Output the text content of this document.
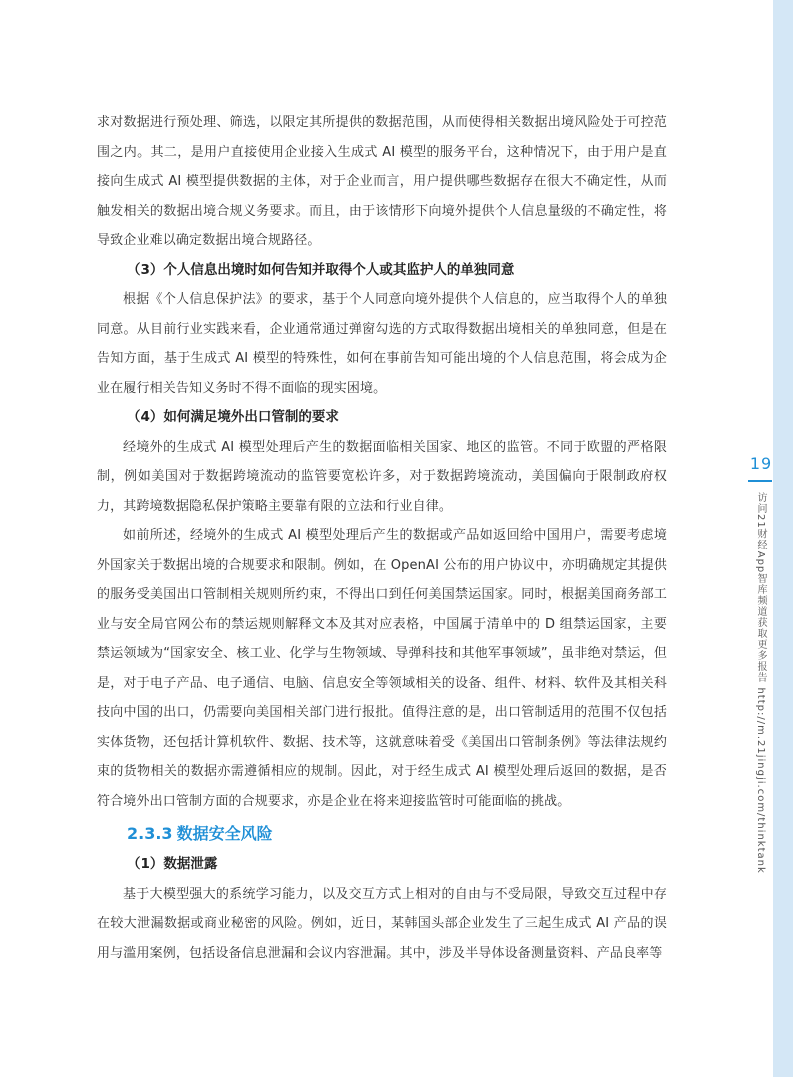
求对数据进行预处理、筛选，以限定其所提供的数据范围，从而使得相关数据出境风险处于可控范围之内。其二，是用户直接使用企业接入生成式 AI 模型的服务平台，这种情况下，由于用户是直接向生成式 AI 模型提供数据的主体，对于企业而言，用户提供哪些数据存在很大不确定性，从而触发相关的数据出境合规义务要求。而且，由于该情形下向境外提供个人信息量级的不确定性，将导致企业难以确定数据出境合规路径。

（3）个人信息出境时如何告知并取得个人或其监护人的单独同意

根据《个人信息保护法》的要求，基于个人同意向境外提供个人信息的，应当取得个人的单独同意。从目前行业实践来看，企业通常通过弹窗勾选的方式取得数据出境相关的单独同意，但是在告知方面，基于生成式 AI 模型的特殊性，如何在事前告知可能出境的个人信息范围，将会成为企业在履行相关告知义务时不得不面临的现实困境。

（4）如何满足境外出口管制的要求

经境外的生成式 AI 模型处理后产生的数据面临相关国家、地区的监管。不同于欧盟的严格限制，例如美国对于数据跨境流动的监管要宽松许多，对于数据跨境流动，美国偏向于限制政府权力，其跨境数据隐私保护策略主要靠有限的立法和行业自律。

如前所述，经境外的生成式 AI 模型处理后产生的数据或产品如返回给中国用户，需要考虑境外国家关于数据出境的合规要求和限制。例如，在 OpenAI 公布的用户协议中，亦明确规定其提供的服务受美国出口管制相关规则所约束，不得出口到任何美国禁运国家。同时，根据美国商务部工业与安全局官网公布的禁运规则解释文本及其对应表格，中国属于清单中的 D 组禁运国家，主要禁运领域为“国家安全、核工业、化学与生物领域、导弹科技和其他军事领域”，虽非绝对禁运，但是，对于电子产品、电子通信、电脑、信息安全等领域相关的设备、组件、材料、软件及其相关科技向中国的出口，仍需要向美国相关部门进行报批。值得注意的是，出口管制适用的范围不仅包括实体货物，还包括计算机软件、数据、技术等，这就意味着受《美国出口管制条例》等法律法规约束的货物相关的数据亦需遵循相应的规制。因此，对于经生成式 AI 模型处理后返回的数据，是否符合境外出口管制方面的合规要求，亦是企业在将来迎接监管时可能面临的挑战。

2.3.3 数据安全风险

（1）数据泄露

基于大模型强大的系统学习能力，以及交互方式上相对的自由与不受局限，导致交互过程中存在较大泄漏数据或商业秘密的风险。例如，近日，某韩国头部企业发生了三起生成式 AI 产品的误用与滥用案例，包括设备信息泄漏和会议内容泄漏。其中，涉及半导体设备测量资料、产品良率等

19
访问21财经App智库频道获取更多报告 http://m.21jingji.com/thinktank
